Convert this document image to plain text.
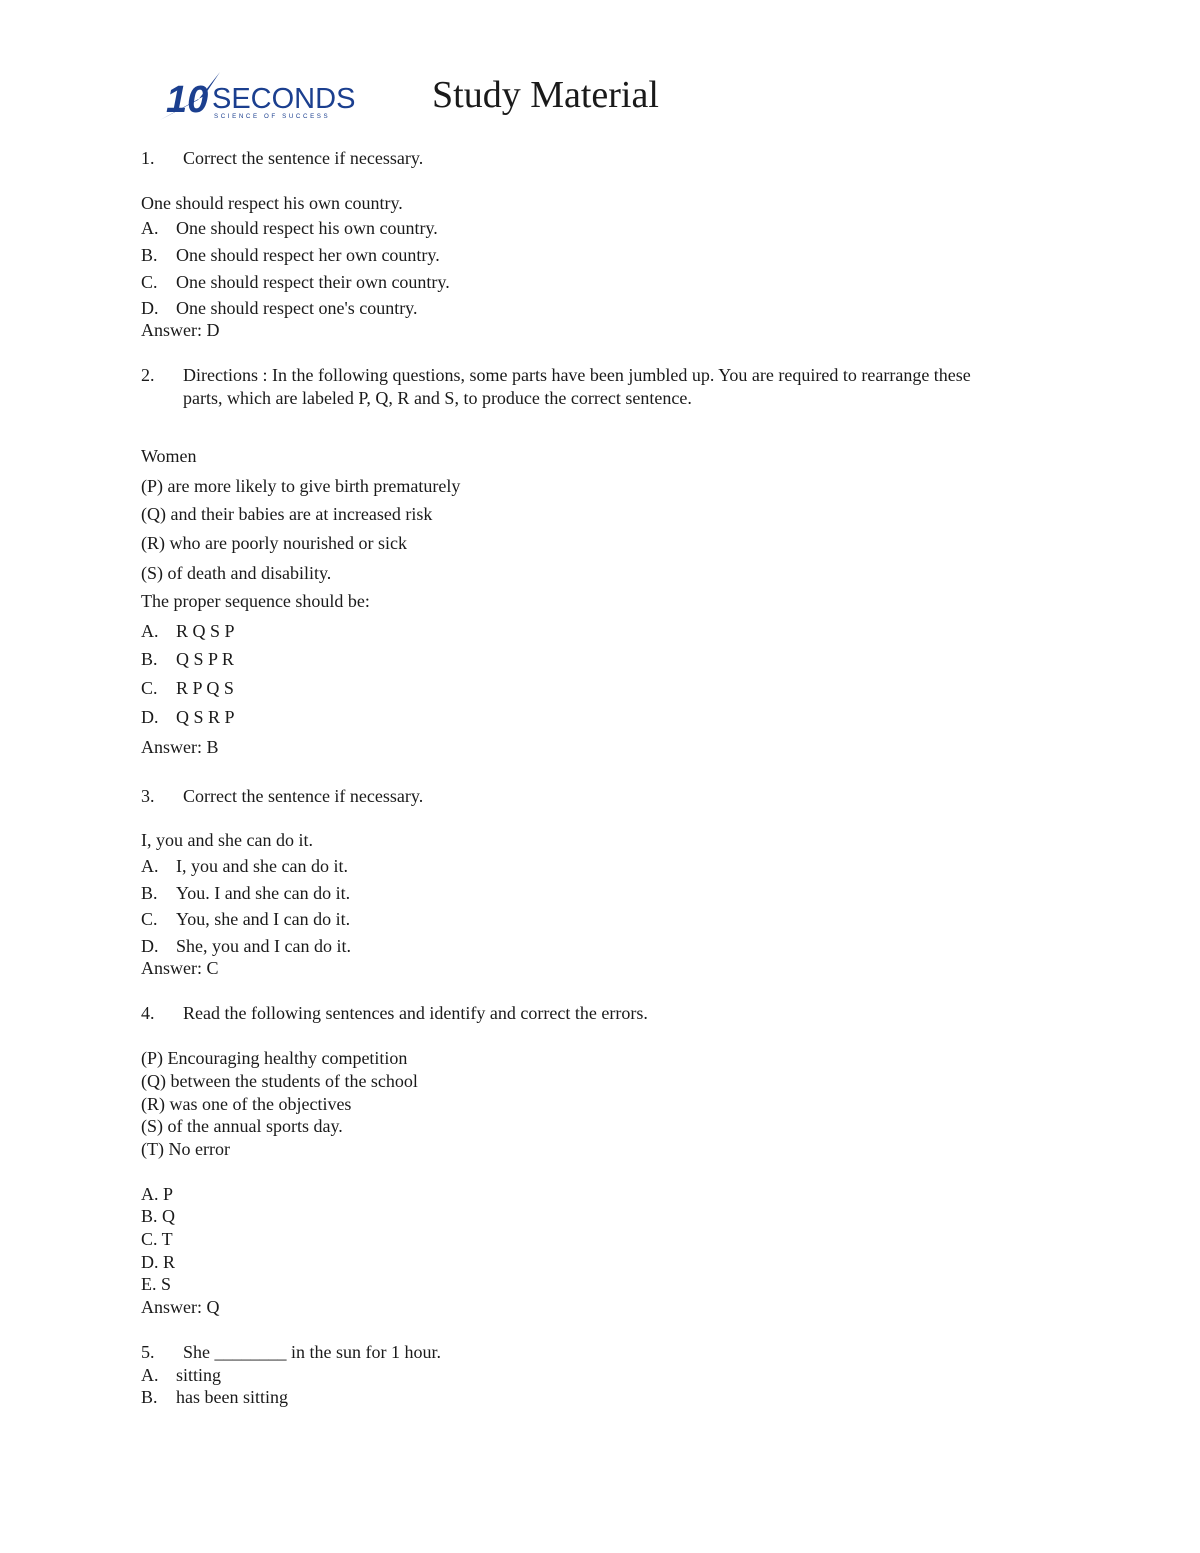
10 SECONDS
SCIENCE OF SUCCESS
Study Material
1. Correct the sentence if necessary.
One should respect his own country.
A. One should respect his own country.
B. One should respect her own country.
C. One should respect their own country.
D. One should respect one's country.
Answer: D
2. Directions : In the following questions, some parts have been jumbled up. You are required to rearrange these
parts, which are labeled P, Q, R and S, to produce the correct sentence.
Women
(P) are more likely to give birth prematurely
(Q) and their babies are at increased risk
(R) who are poorly nourished or sick
(S) of death and disability.
The proper sequence should be:
A. R Q S P
B. Q S P R
C. R P Q S
D. Q S R P
Answer: B
3. Correct the sentence if necessary.
I, you and she can do it.
A. I, you and she can do it.
B. You. I and she can do it.
C. You, she and I can do it.
D. She, you and I can do it.
Answer: C
4. Read the following sentences and identify and correct the errors.
(P) Encouraging healthy competition
(Q) between the students of the school
(R) was one of the objectives
(S) of the annual sports day.
(T) No error
A. P
B. Q
C. T
D. R
E. S
Answer: Q
5. She ________ in the sun for 1 hour.
A. sitting
B. has been sitting
